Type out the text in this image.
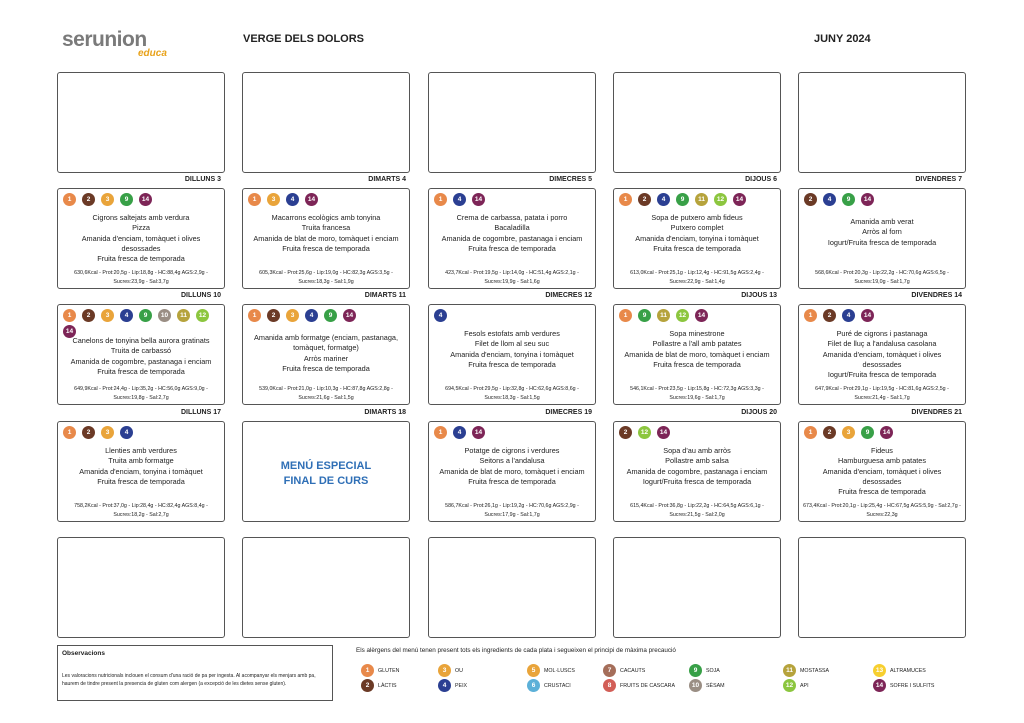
serunion
educa
VERGE DELS DOLORS	JUNY 2024
DILLUNS 3	DIMARTS 4	DIMECRES 5	DIJOUS 6	DIVENDRES 7
1	2	3	9	14
Cigrons saltejats amb verdura
Pizza
Amanida d'enciam, tomàquet i olives desossades
Fruita fresca de temporada
630,6Kcal - Prot:20,5g - Lip:18,8g - HC:88,4g AGS:2,9g - Sucres:23,9g - Sal:3,7g
1	3	4	14
Macarrons ecològics amb tonyina
Truita francesa
Amanida de blat de moro, tomàquet i enciam
Fruita fresca de temporada
605,3Kcal - Prot:25,6g - Lip:19,0g - HC:82,3g AGS:3,5g - Sucres:18,3g - Sal:1,9g
1	4	14
Crema de carbassa, patata i porro
Bacaladilla
Amanida de cogombre, pastanaga i enciam
Fruita fresca de temporada
423,7Kcal - Prot:19,5g - Lip:14,0g - HC:51,4g AGS:2,1g - Sucres:19,9g - Sal:1,6g
1	2	4	9	11	12	14
Sopa de putxero amb fideus
Putxero complet
Amanida d'enciam, tonyina i tomàquet
Fruita fresca de temporada
613,0Kcal - Prot:25,1g - Lip:12,4g - HC:91,5g AGS:2,4g - Sucres:22,9g - Sal:1,4g
2	4	9	14
Amanida amb verat
Arròs al forn
Iogurt/Fruita fresca de temporada
568,6Kcal - Prot:20,3g - Lip:22,2g - HC:70,6g AGS:6,5g - Sucres:19,0g - Sal:1,7g
DILLUNS 10	DIMARTS 11	DIMECRES 12	DIJOUS 13	DIVENDRES 14
1	2	3	4	9	10	11	12
14
Canelons de tonyina bella aurora gratinats
Truita de carbassó
Amanida de cogombre, pastanaga i enciam
Fruita fresca de temporada
649,9Kcal - Prot:24,4g - Lip:35,2g - HC:56,0g AGS:9,0g - Sucres:19,8g - Sal:2,7g
1	2	3	4	9	14
Amanida amb formatge (enciam, pastanaga, tomàquet, formatge)
Arròs mariner
Fruita fresca de temporada
539,0Kcal - Prot:21,0g - Lip:10,3g - HC:87,8g AGS:2,8g - Sucres:21,6g - Sal:1,5g
4
Fesols estofats amb verdures
Filet de llom al seu suc
Amanida d'enciam, tonyina i tomàquet
Fruita fresca de temporada
694,5Kcal - Prot:29,5g - Lip:32,8g - HC:62,6g AGS:8,6g - Sucres:18,3g - Sal:1,5g
1	9	11	12	14
Sopa minestrone
Pollastre a l'all amb patates
Amanida de blat de moro, tomàquet i enciam
Fruita fresca de temporada
546,1Kcal - Prot:23,5g - Lip:15,8g - HC:72,3g AGS:3,3g - Sucres:19,6g - Sal:1,7g
1	2	4	14
Puré de cigrons i pastanaga
Filet de lluç a l'andalusa casolana
Amanida d'enciam, tomàquet i olives desossades
Iogurt/Fruita fresca de temporada
647,9Kcal - Prot:29,1g - Lip:19,5g - HC:81,6g AGS:2,5g - Sucres:21,4g - Sal:1,7g
DILLUNS 17	DIMARTS 18	DIMECRES 19	DIJOUS 20	DIVENDRES 21
1	2	3	4
Llenties amb verdures
Truita amb formatge
Amanida d'enciam, tonyina i tomàquet
Fruita fresca de temporada
758,2Kcal - Prot:37,0g - Lip:28,4g - HC:82,4g AGS:8,4g - Sucres:18,2g - Sal:2,7g
MENÚ ESPECIAL
FINAL DE CURS
1	4	14
Potatge de cigrons i verdures
Seitons a l'andalusa
Amanida de blat de moro, tomàquet i enciam
Fruita fresca de temporada
586,7Kcal - Prot:26,1g - Lip:19,2g - HC:70,6g AGS:2,9g - Sucres:17,9g - Sal:1,7g
2	12	14
Sopa d'au amb arròs
Pollastre amb salsa
Amanida de cogombre, pastanaga i enciam
Iogurt/Fruita fresca de temporada
615,4Kcal - Prot:36,8g - Lip:22,2g - HC:64,5g AGS:6,1g - Sucres:21,5g - Sal:2,0g
1	2	3	9	14
Fideus
Hamburguesa amb patates
Amanida d'enciam, tomàquet i olives desossades
Fruita fresca de temporada
673,4Kcal - Prot:20,1g - Lip:25,4g - HC:67,5g AGS:5,9g - Sal:2,7g - Sucres:22,3g
Observacions
Les valoracions nutricionals inclouen el consum d'una ració de pa per ingesta. Al acompanyar els menjars amb pa, haurem de tindre present la presencia de gluten com alergen (a excepció de les dietes sense gluten).
Els alèrgens del menú tenen present tots els ingredients de cada plata i segueixen el principi de màxima precaució
1	GLUTEN
2	LÀCTIS
3	OU
4	PEIX
5	MOL·LUSCS
6	CRUSTACI
7	CACAUTS
8	FRUITS DE CASCARA
9	SOJA
10	SÈSAM
11	MOSTASSA
12	API
13	ALTRAMUCES
14	SOFRE I SULFITS
